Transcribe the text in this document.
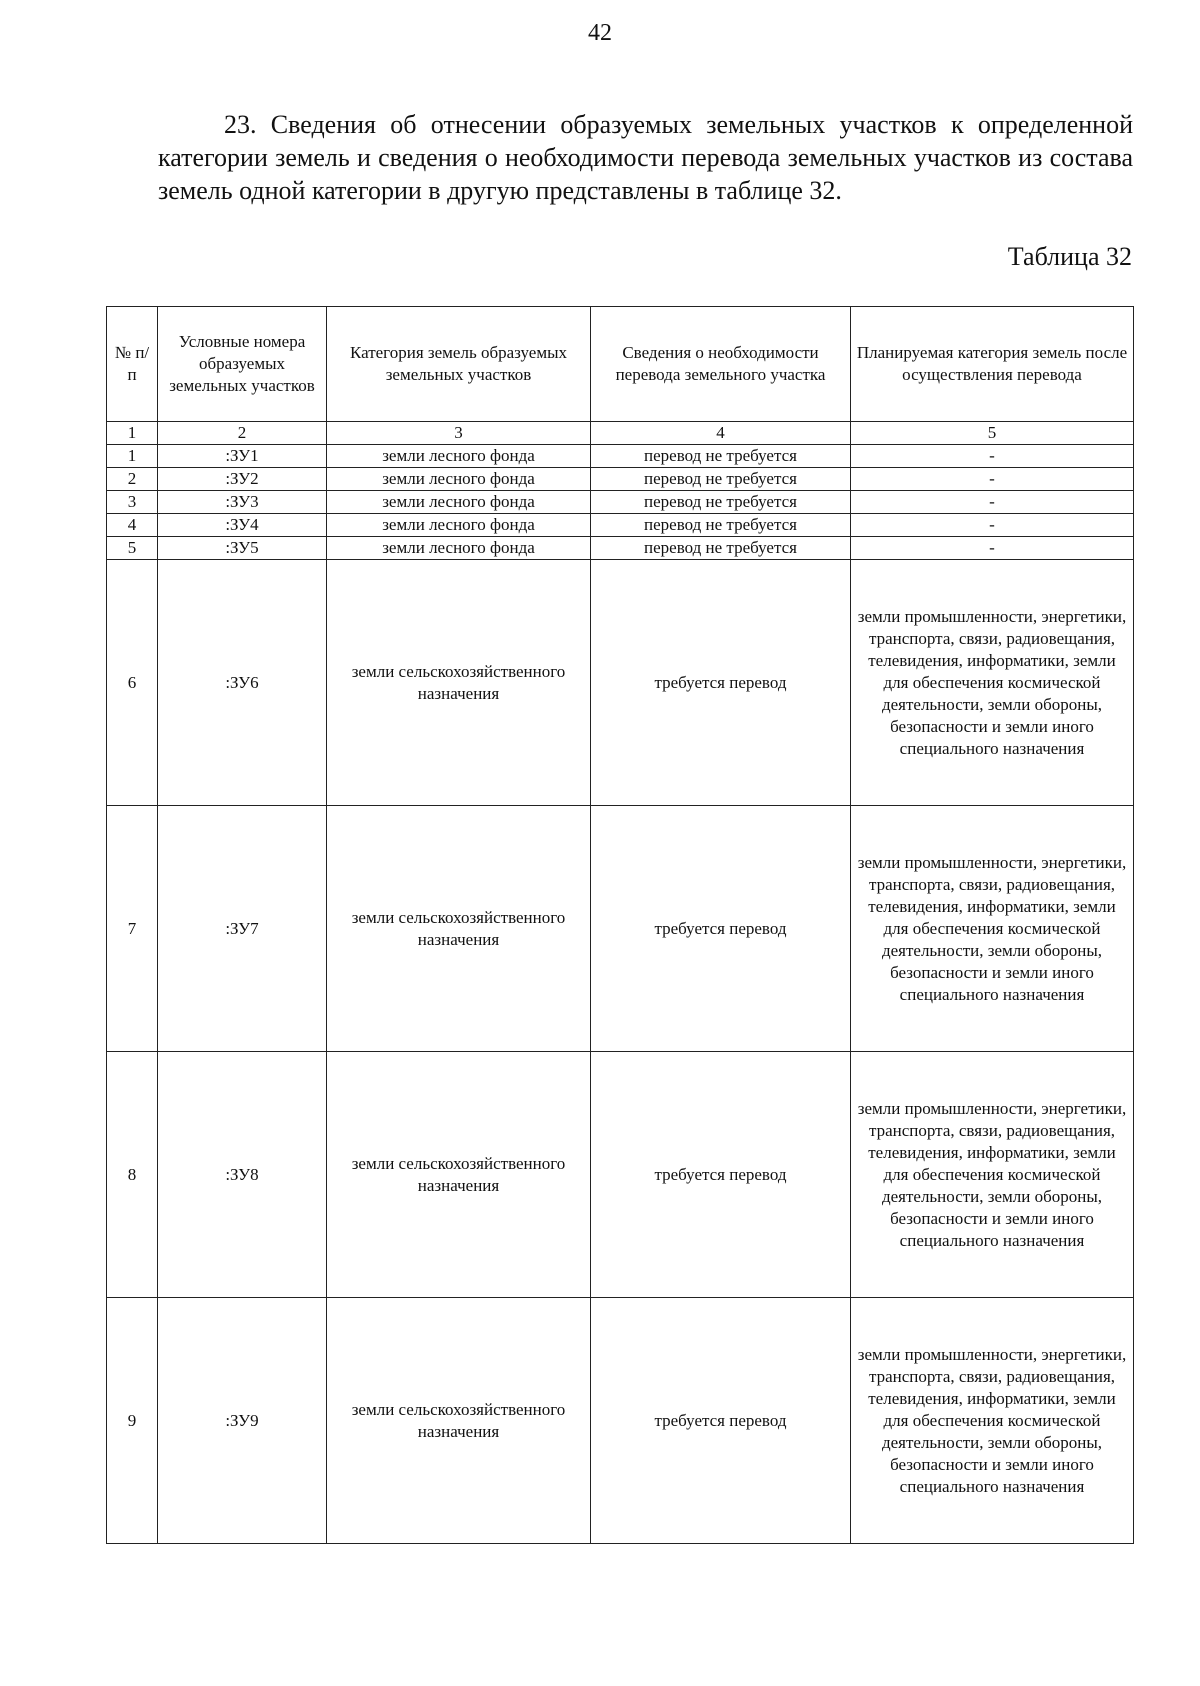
42

23. Сведения об отнесении образуемых земельных участков к определенной категории земель и сведения о необходимости перевода земельных участков из состава земель одной категории в другую представлены в таблице 32.

Таблица 32
№ п/п	Условные номера образуемых земельных участков	Категория земель образуемых земельных участков	Сведения о необходимости перевода земельного участка	Планируемая категория земель после осуществления перевода
1	2	3	4	5
1	:ЗУ1	земли лесного фонда	перевод не требуется	-
2	:ЗУ2	земли лесного фонда	перевод не требуется	-
3	:ЗУ3	земли лесного фонда	перевод не требуется	-
4	:ЗУ4	земли лесного фонда	перевод не требуется	-
5	:ЗУ5	земли лесного фонда	перевод не требуется	-
6	:ЗУ6	земли сельскохозяйственного назначения	требуется перевод	земли промышленности, энергетики, транспорта, связи, радиовещания, телевидения, информатики, земли для обеспечения космической деятельности, земли обороны, безопасности и земли иного специального назначения
7	:ЗУ7	земли сельскохозяйственного назначения	требуется перевод	земли промышленности, энергетики, транспорта, связи, радиовещания, телевидения, информатики, земли для обеспечения космической деятельности, земли обороны, безопасности и земли иного специального назначения
8	:ЗУ8	земли сельскохозяйственного назначения	требуется перевод	земли промышленности, энергетики, транспорта, связи, радиовещания, телевидения, информатики, земли для обеспечения космической деятельности, земли обороны, безопасности и земли иного специального назначения
9	:ЗУ9	земли сельскохозяйственного назначения	требуется перевод	земли промышленности, энергетики, транспорта, связи, радиовещания, телевидения, информатики, земли для обеспечения космической деятельности, земли обороны, безопасности и земли иного специального назначения
